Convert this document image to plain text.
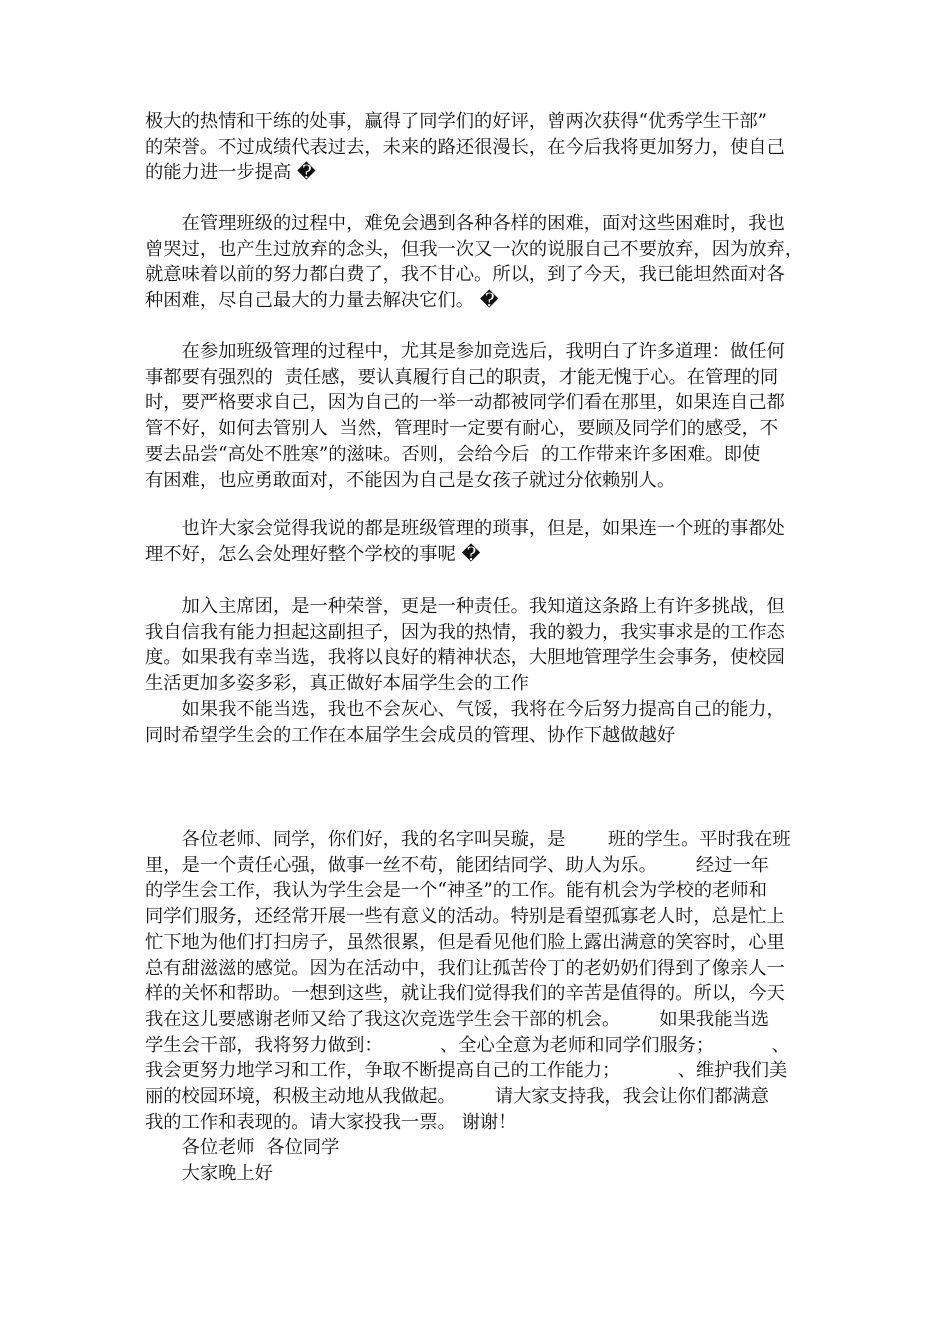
极大的热情和干练的处事，赢得了同学们的好评，曾两次获得“优秀学生干部”
的荣誉。不过成绩代表过去，未来的路还很漫长，在今后我将更加努力，使自己
的能力进一步提高 �
　　在管理班级的过程中，难免会遇到各种各样的困难，面对这些困难时，我也
曾哭过，也产生过放弃的念头，但我一次又一次的说服自己不要放弃，因为放弃，
就意味着以前的努力都白费了，我不甘心。所以，到了今天，我已能坦然面对各
种困难，尽自己最大的力量去解决它们。 �
　　在参加班级管理的过程中，尤其是参加竞选后，我明白了许多道理：做任何
事都要有强烈的  责任感，要认真履行自己的职责，才能无愧于心。在管理的同
时，要严格要求自己，因为自己的一举一动都被同学们看在那里，如果连自己都
管不好，如何去管别人  当然，管理时一定要有耐心，要顾及同学们的感受，不
要去品尝“高处不胜寒”的滋味。否则，会给今后  的工作带来许多困难。即使
有困难，也应勇敢面对，不能因为自己是女孩子就过分依赖别人。
　　也许大家会觉得我说的都是班级管理的琐事，但是，如果连一个班的事都处
理不好，怎么会处理好整个学校的事呢 �
　　加入主席团，是一种荣誉，更是一种责任。我知道这条路上有许多挑战，但
我自信我有能力担起这副担子，因为我的热情，我的毅力，我实事求是的工作态
度。如果我有幸当选，我将以良好的精神状态，大胆地管理学生会事务，使校园
生活更加多姿多彩，真正做好本届学生会的工作
　　如果我不能当选，我也不会灰心、气馁，我将在今后努力提高自己的能力，
同时希望学生会的工作在本届学生会成员的管理、协作下越做越好
　　各位老师、同学，你们好，我的名字叫吴璇，是　　 班的学生。平时我在班
里，是一个责任心强，做事一丝不苟，能团结同学、助人为乐。　　  经过一年
的学生会工作，我认为学生会是一个“神圣”的工作。能有机会为学校的老师和
同学们服务，还经常开展一些有意义的活动。特别是看望孤寡老人时，总是忙上
忙下地为他们打扫房子，虽然很累，但是看见他们脸上露出满意的笑容时，心里
总有甜滋滋的感觉。因为在活动中，我们让孤苦伶丁的老奶奶们得到了像亲人一
样的关怀和帮助。一想到这些，就让我们觉得我们的辛苦是值得的。所以，今天
我在这儿要感谢老师又给了我这次竞选学生会干部的机会。　　  如果我能当选
学生会干部，我将努力做到：　　　  、全心全意为老师和同学们服务；　　　  、
我会更努力地学习和工作，争取不断提高自己的工作能力；　　　  、维护我们美
丽的校园环境，积极主动地从我做起。　　  请大家支持我，我会让你们都满意
我的工作和表现的。请大家投我一票。 谢谢！
　　各位老师  各位同学
　　大家晚上好
